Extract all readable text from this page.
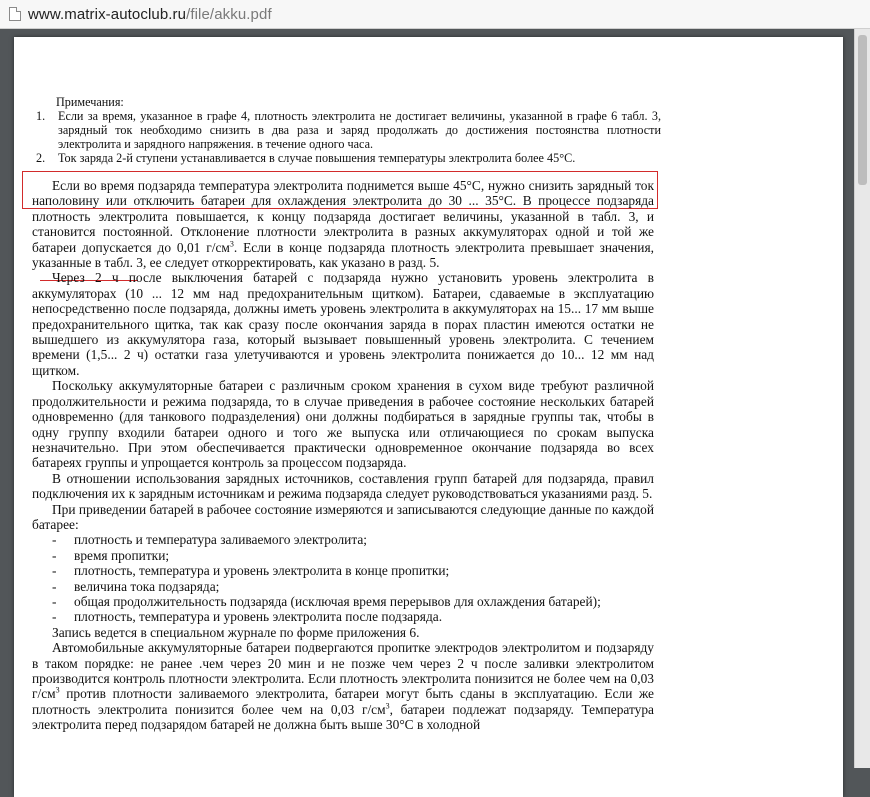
www.matrix-autoclub.ru/file/akku.pdf
Примечания:
1.	Если за время, указанное в графе 4, плотность электролита не достигает величины, указанной в графе 6 табл. 3, зарядный ток необходимо снизить в два раза и заряд продолжать до достижения постоянства плотности электролита и зарядного напряжения. в течение одного часа.
2.	Ток заряда 2-й ступени устанавливается в случае повышения температуры электролита более 45°С.

Если во время подзаряда температура электролита поднимется выше 45°С, нужно снизить зарядный ток наполовину или отключить батареи для охлаждения электролита до 30 ... 35°С. В процессе подзаряда плотность электролита повышается, к концу подзаряда достигает величины, указанной в табл. 3, и становится постоянной. Отклонение плотности электролита в разных аккумуляторах одной и той же батареи допускается до 0,01 $г/см^3$. Если в конце подзаряда плотность электролита превышает значения, указанные в табл. 3, ее следует откорректировать, как указано в разд. 5.

Через 2 ч после выключения батарей с подзаряда нужно установить уровень электролита в аккумуляторах (10 ... 12 мм над предохранительным щитком). Батареи, сдаваемые в эксплуатацию непосредственно после подзаряда, должны иметь уровень электролита в аккумуляторах на 15... 17 мм выше предохранительного щитка, так как сразу после окончания заряда в порах пластин имеются остатки не вышедшего из аккумулятора газа, который вызывает повышенный уровень электролита. С течением времени (1,5... 2 ч) остатки газа улетучиваются и уровень электролита понижается до 10... 12 мм над щитком.

Поскольку аккумуляторные батареи с различным сроком хранения в сухом виде требуют различной продолжительности и режима подзаряда, то в случае приведения в рабочее состояние нескольких батарей одновременно (для танкового подразделения) они должны подбираться в зарядные группы так, чтобы в одну группу входили батареи одного и того же выпуска или отличающиеся по срокам выпуска незначительно. При этом обеспечивается практически одновременное окончание подзаряда во всех батареях группы и упрощается контроль за процессом подзаряда.

В отношении использования зарядных источников, составления групп батарей для подзаряда, правил подключения их к зарядным источникам и режима подзаряда следует руководствоваться указаниями разд. 5.

При приведении батарей в рабочее состояние измеряются и записываются следующие данные по каждой батарее:

-	плотность и температура заливаемого электролита;
-	время пропитки;
-	плотность, температура и уровень электролита в конце пропитки;
-	величина тока подзаряда;
-	общая продолжительность подзаряда (исключая время перерывов для охлаждения батарей);
-	плотность, температура и уровень электролита после подзаряда.

Запись ведется в специальном журнале по форме приложения 6.

Автомобильные аккумуляторные батареи подвергаются пропитке электродов электролитом и подзаряду в таком порядке: не ранее .чем через 20 мин и не позже чем через 2 ч после заливки электролитом производится контроль плотности электролита. Если плотность электролита понизится не более чем на 0,03 $г/см^3$ против плотности заливаемого электролита, батареи могут быть сданы в эксплуатацию. Если же плотность электролита понизится более чем на 0,03 $г/см^3$, батареи подлежат подзаряду. Температура электролита перед подзарядом батарей не должна быть выше 30°С в холодной
